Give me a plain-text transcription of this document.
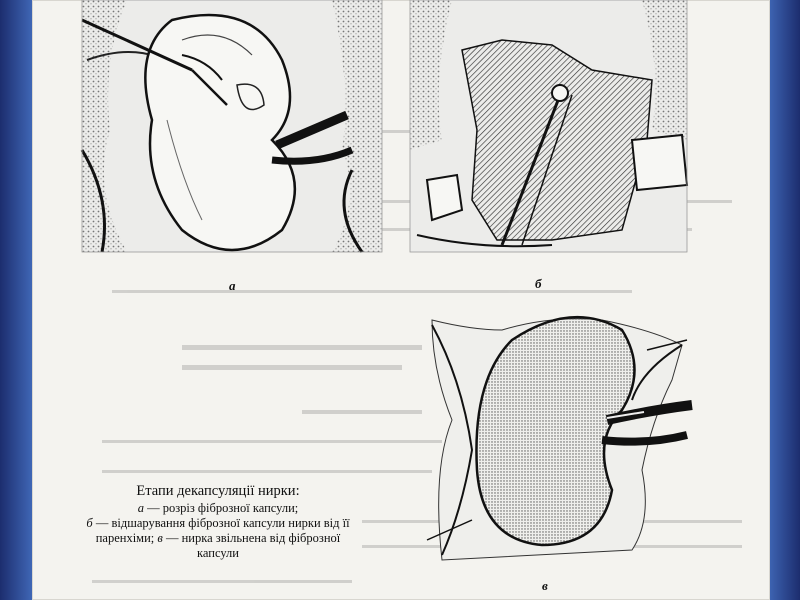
а	б
в
Етапи декапсуляції нирки:
а — розріз фіброзної капсули;
б — відшарування фіброзної капсули нирки від її паренхіми; в — нирка звільнена від фіброзної капсули
